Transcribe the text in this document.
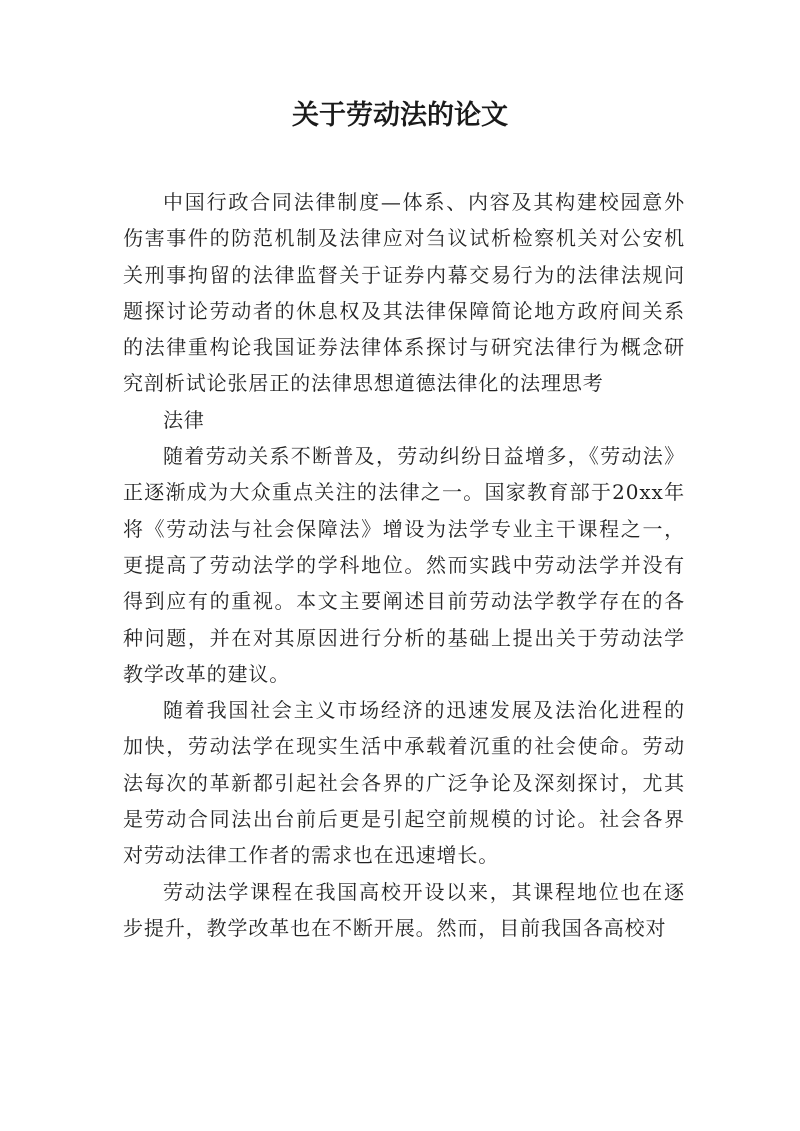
关于劳动法的论文

中国行政合同法律制度—体系、内容及其构建校园意外伤害事件的防范机制及法律应对刍议试析检察机关对公安机关刑事拘留的法律监督关于证券内幕交易行为的法律法规问题探讨论劳动者的休息权及其法律保障简论地方政府间关系的法律重构论我国证券法律体系探讨与研究法律行为概念研究剖析试论张居正的法律思想道德法律化的法理思考

法律

随着劳动关系不断普及，劳动纠纷日益增多，《劳动法》正逐渐成为大众重点关注的法律之一。国家教育部于20xx年将《劳动法与社会保障法》增设为法学专业主干课程之一，更提高了劳动法学的学科地位。然而实践中劳动法学并没有得到应有的重视。本文主要阐述目前劳动法学教学存在的各种问题，并在对其原因进行分析的基础上提出关于劳动法学教学改革的建议。

随着我国社会主义市场经济的迅速发展及法治化进程的加快，劳动法学在现实生活中承载着沉重的社会使命。劳动法每次的革新都引起社会各界的广泛争论及深刻探讨，尤其是劳动合同法出台前后更是引起空前规模的讨论。社会各界对劳动法律工作者的需求也在迅速增长。

劳动法学课程在我国高校开设以来，其课程地位也在逐步提升，教学改革也在不断开展。然而，目前我国各高校对
